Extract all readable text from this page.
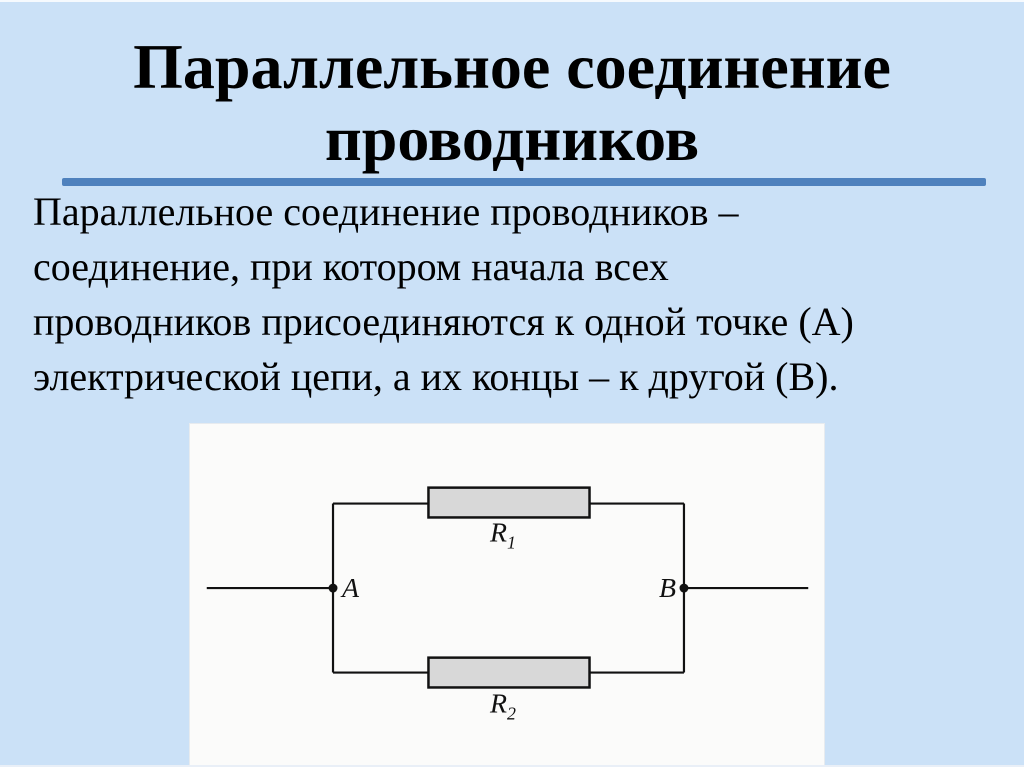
Параллельное соединение
проводников
Параллельное соединение проводников –
соединение, при котором начала всех
проводников присоединяются к одной точке (А)
электрической цепи, а их концы – к другой (В).
A	B
$R_1$
$R_2$
